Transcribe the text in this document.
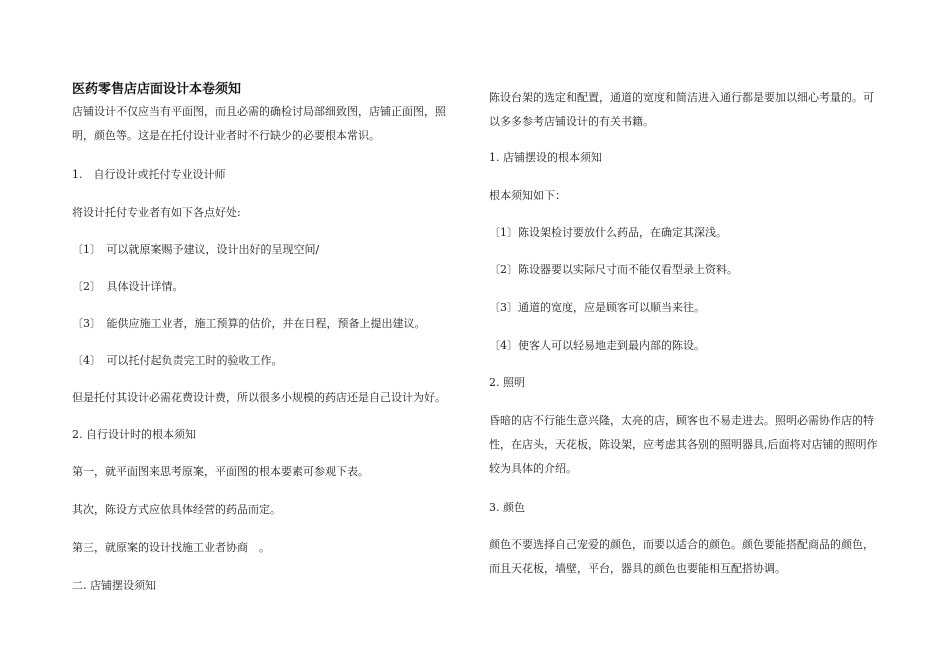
医药零售店店面设计本卷须知

店铺设计不仅应当有平面图，而且必需的确检讨局部细致图，店铺正面图，照明，颜色等。这是在托付设计业者时不行缺少的必要根本常识。

1.　自行设计或托付专业设计师

将设计托付专业者有如下各点好处:

〔1〕　可以就原案赐予建议，设计出好的呈现空间/

〔2〕　具体设计详情。

〔3〕　能供应施工业者，施工预算的估价，并在日程，预备上提出建议。

〔4〕　可以托付起负责完工时的验收工作。

但是托付其设计必需花费设计费，所以很多小规模的药店还是自己设计为好。

2. 自行设计时的根本须知

第一，就平面图来思考原案，平面图的根本要素可参观下表。

其次，陈设方式应依具体经营的药品而定。

第三，就原案的设计找施工业者协商　。

二. 店铺摆设须知

陈设台架的选定和配置，通道的宽度和简洁进入通行都是要加以细心考量的。可以多多参考店铺设计的有关书籍。

1. 店铺摆设的根本须知

根本须知如下：

〔1〕陈设架检讨要放什么药品，在确定其深浅。

〔2〕陈设器要以实际尺寸而不能仅看型录上资料。

〔3〕通道的宽度，应是顾客可以顺当来往。

〔4〕使客人可以轻易地走到最内部的陈设。

2. 照明

昏暗的店不行能生意兴隆，太亮的店，顾客也不易走进去。照明必需协作店的特性，在店头，天花板，陈设架，应考虑其各别的照明器具,后面将对店铺的照明作较为具体的介绍。

3. 颜色

颜色不要选择自己宠爱的颜色，而要以适合的颜色。颜色要能搭配商品的颜色，而且天花板，墙壁，平台，器具的颜色也要能相互配搭协调。
